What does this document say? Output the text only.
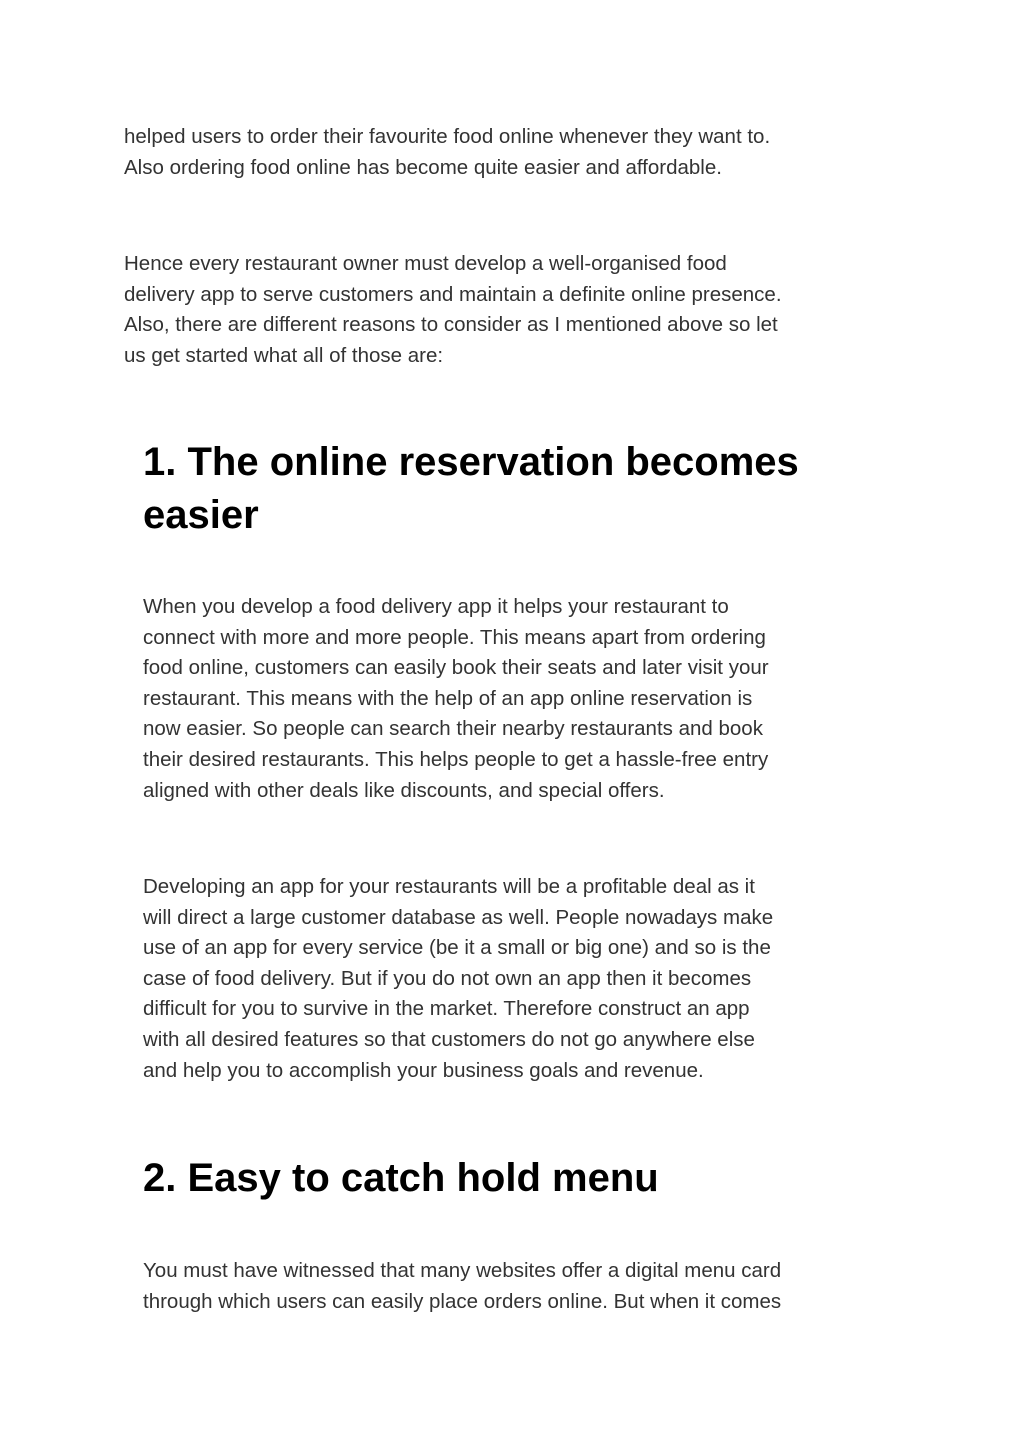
helped users to order their favourite food online whenever they want to.
Also ordering food online has become quite easier and affordable.

Hence every restaurant owner must develop a well-organised food
delivery app to serve customers and maintain a definite online presence.
Also, there are different reasons to consider as I mentioned above so let
us get started what all of those are:

1. The online reservation becomes
easier

When you develop a food delivery app it helps your restaurant to
connect with more and more people. This means apart from ordering
food online, customers can easily book their seats and later visit your
restaurant. This means with the help of an app online reservation is
now easier. So people can search their nearby restaurants and book
their desired restaurants. This helps people to get a hassle-free entry
aligned with other deals like discounts, and special offers.

Developing an app for your restaurants will be a profitable deal as it
will direct a large customer database as well. People nowadays make
use of an app for every service (be it a small or big one) and so is the
case of food delivery. But if you do not own an app then it becomes
difficult for you to survive in the market. Therefore construct an app
with all desired features so that customers do not go anywhere else
and help you to accomplish your business goals and revenue.

2. Easy to catch hold menu

You must have witnessed that many websites offer a digital menu card
through which users can easily place orders online. But when it comes
